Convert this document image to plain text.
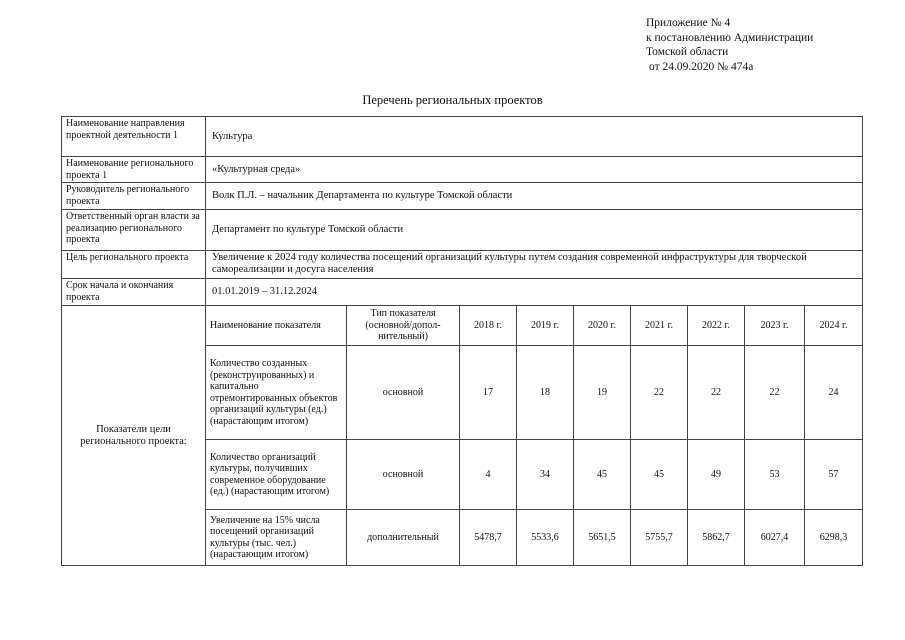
Приложение № 4
к постановлению Администрации
Томской области
от 24.09.2020 № 474а
Перечень региональных проектов
Наименование направления проектной деятельности 1	Культура								
Наименование регионального проекта 1	«Культурная среда»								
Руководитель регионального проекта	Волк П.Л. – начальник Департамента по культуре Томской области								
Ответственный орган власти за реализацию регионального проекта	Департамент по культуре Томской области								
Цель регионального проекта	Увеличение к 2024 году количества посещений организаций культуры путем создания современной инфраструктуры для творческой самореализации и досуга населения								
Срок начала и окончания проекта	01.01.2019 – 31.12.2024								
Показатели цели регионального проекта:	Наименование показателя	Тип показателя (основной/допол-нительный)	2018 г.	2019 г.	2020 г.	2021 г.	2022 г.	2023 г.	2024 г.
	Количество созданных (реконструированных) и капитально отремонтированных объектов организаций культуры (ед.) (нарастающим итогом)	основной	17	18	19	22	22	22	24
	Количество организаций культуры, получивших современное оборудование (ед.) (нарастающим итогом)	основной	4	34	45	45	49	53	57
	Увеличение на 15% числа посещений организаций культуры (тыс. чел.) (нарастающим итогом)	дополнительный	5478,7	5533,6	5651,5	5755,7	5862,7	6027,4	6298,3
